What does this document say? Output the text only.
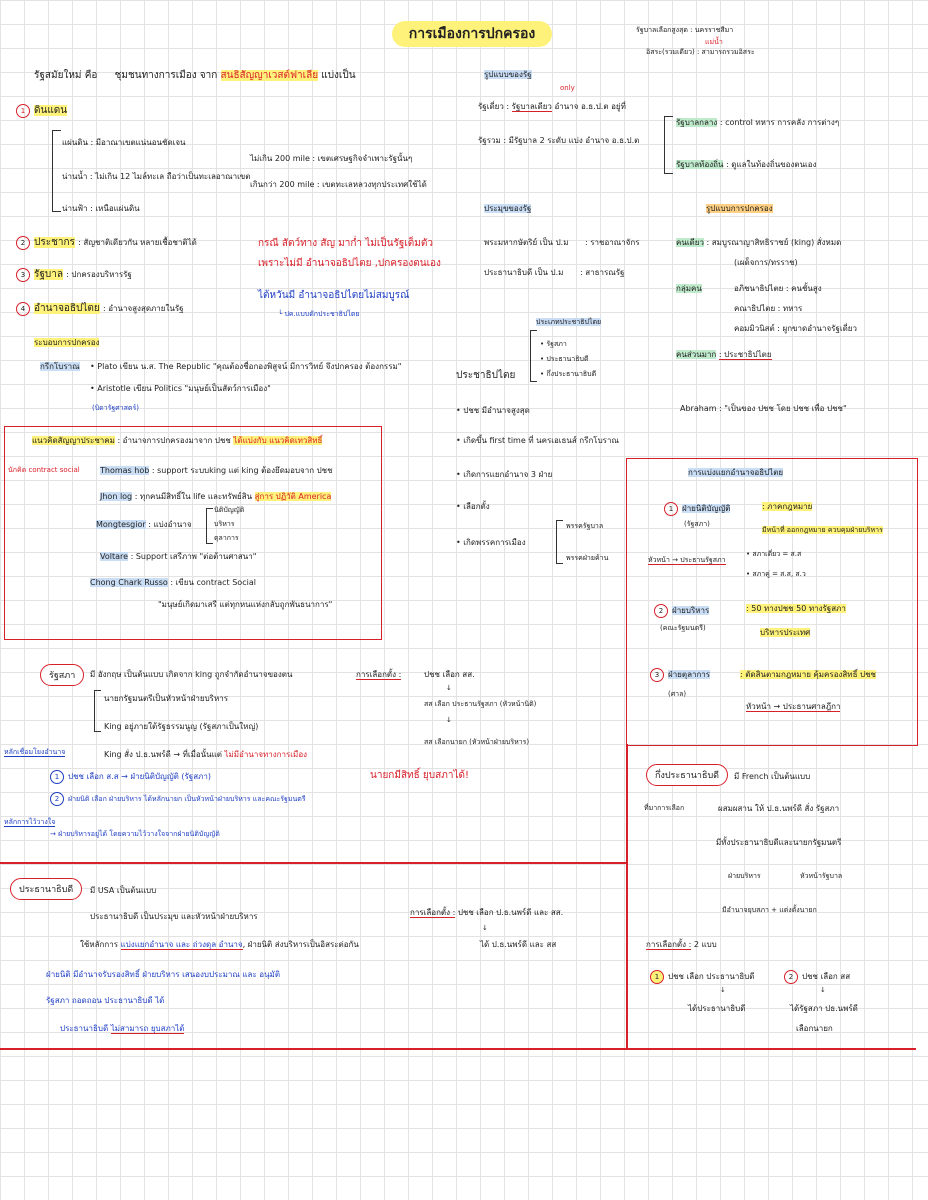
การเมืองการปกครอง	รัฐบาลเลือกสูงสุด : นครราชสีมา
แม่น้ำ
อิสระ(รวมเดียว) : สามารถรวมอิสระ
รัฐสมัยใหม่ คือ ชุมชนทางการเมือง จาก สนธิสัญญาเวสต์ฟาเลีย แบ่งเป็น
1 ดินแดน
แผ่นดิน : มีอาณาเขตแน่นอนชัดเจน
น่านน้ำ : ไม่เกิน 12 ไมล์ทะเล ถือว่าเป็นทะเลอาณาเขต
น่านฟ้า : เหนือแผ่นดิน
ไม่เกิน 200 mile : เขตเศรษฐกิจจำเพาะรัฐนั้นๆ
เกินกว่า 200 mile : เขตทะเลหลวงทุกประเทศใช้ได้
2 ประชากร : สัญชาติเดียวกัน หลายเชื้อชาติได้
3 รัฐบาล : ปกครองบริหารรัฐ
4 อำนาจอธิปไตย : อำนาจสูงสุดภายในรัฐ
กรณี สัตว์ทาง สัญ มาก่ำ ไม่เป็นรัฐเต็มตัว
เพราะไม่มี อำนาจอธิปไตย ,ปกครองตนเอง
ไต้หวันมี อำนาจอธิปไตยไม่สมบูรณ์
└ ปค.แบบดักประชาธิปไตย
ระบอบการปกครอง
กรีกโบราณ • Plato เขียน น.ส. The Republic "คุณต้องชื่อกองพิสูจน์ มีการวิทย์ จึงปกครอง ต้องกรรม"
• Aristotle เขียน Politics "มนุษย์เป็นสัตว์การเมือง"
(บิดารัฐศาสตร์)
แนวคิดสัญญาประชาคม : อำนาจการปกครองมาจาก ปชช ได้แบ่งกับ แนวคิดเทวสิทธิ์
นักคิด contract social	Thomas hob : support ระบบking แต่ king ต้องยึดมอบจาก ปชช
Jhon log : ทุกคนมีสิทธิ์ใน life และทรัพย์สิน สู่การ ปฏิวัติ America
Mongtesgior : แบ่งอำนาจ
นิติบัญญัติ
บริหาร
ตุลาการ
Voltare : Support เสรีภาพ "ต่อต้านศาสนา"
Chong Chark Russo : เขียน contract Social
"มนุษย์เกิดมาเสรี แต่ทุกหนแห่งกลับถูกพันธนาการ"
รูปแบบของรัฐ
only
รัฐเดี่ยว : รัฐบาลเดียว อำนาจ อ.ธ.ป.ต อยู่ที่
รัฐรวม : มีรัฐบาล 2 ระดับ แบ่ง อำนาจ อ.ธ.ป.ต
รัฐบาลกลาง : control ทหาร การคลัง การต่างๆ
รัฐบาลท้องถิ่น : ดูแลในท้องถิ่นของตนเอง
ประมุขของรัฐ
พระมหากษัตริย์ เป็น ป.ม : ราชอาณาจักร
ประธานาธิบดี เป็น ป.ม : สาธารณรัฐ
รูปแบบการปกครอง
คนเดียว : สมบูรณาญาสิทธิราชย์ (king) สั่งหมด
(เผด็จการ/ทรราช)
กลุ่มคน	อภิชนาธิปไตย : คนชั้นสูง
คณาธิปไตย : ทหาร
คอมมิวนิสต์ : ผูกขาดอำนาจรัฐเดี่ยว
คนส่วนมาก : ประชาธิปไตย
ประเภทประชาธิปไตย
• รัฐสภา
• ประธานาธิบดี
• กึ่งประธานาธิบดี
ประชาธิปไตย
• ปชช มีอำนาจสูงสุด
• เกิดขึ้น first time ที่ นครเอเธนส์ กรีกโบราณ
• เกิดการแยกอำนาจ 3 ฝ่าย
• เลือกตั้ง
• เกิดพรรคการเมือง
พรรครัฐบาล
พรรคฝ่ายค้าน
Abraham : "เป็นของ ปชช โดย ปชช เพื่อ ปชช"
การแบ่งแยกอำนาจอธิปไตย
1 ฝ่ายนิติบัญญัติ
(รัฐสภา)
: ภาคกฎหมาย
มีหน้าที่ ออกกฎหมาย ควบคุมฝ่ายบริหาร
หัวหน้า → ประธานรัฐสภา
• สภาเดี่ยว = ส.ส
• สภาคู่ = ส.ส, ส.ว
2 ฝ่ายบริหาร
(คณะรัฐมนตรี)
: 50 ทางปชช 50 ทางรัฐสภา
บริหารประเทศ
3 ฝ่ายตุลาการ
(ศาล)
: ตัดสินตามกฎหมาย คุ้มครองสิทธิ์ ปชช
หัวหน้า → ประธานศาลฎีกา
รัฐสภา	มี อังกฤษ เป็นต้นแบบ เกิดจาก king ถูกจำกัดอำนาจของตน
นายกรัฐมนตรีเป็นหัวหน้าฝ่ายบริหาร
King อยู่ภายใต้รัฐธรรมนูญ (รัฐสภาเป็นใหญ่)
King สั่ง ป.ธ.นพร์ดี → ที่เมื่อนั้นแต่ ไม่มีอำนาจทางการเมือง
หลักเชื่อมโยงอำนาจ
1 ปชช เลือก ส.ส → ฝ่ายนิติบัญญัติ (รัฐสภา)
2 ฝ่ายนิติ เลือก ฝ่ายบริหาร ได้หลักนายก เป็นหัวหน้าฝ่ายบริหาร และคณะรัฐมนตรี
หลักการไว้วางใจ
→ ฝ่ายบริหารอยู่ได้ โดยความไว้วางใจจากฝ่ายนิติบัญญัติ
การเลือกตั้ง :	ปชช เลือก สส.
↓
สส เลือก ประธานรัฐสภา (หัวหน้านิติ)
↓
สส เลือกนายก (หัวหน้าฝ่ายบริหาร)
นายกมีสิทธิ์ ยุบสภาได้!	กึ่งประธานาธิบดี	มี French เป็นต้นแบบ
ที่มาการเลือก	ผสมผสาน ให้ ป.ธ.นพร์ดี สั่ง รัฐสภา
มีทั้งประธานาธิบดีและนายกรัฐมนตรี
ฝ่ายบริหาร	หัวหน้ารัฐบาล
มีอำนาจยุบสภา + แต่งตั้งนายก
การเลือกตั้ง : 2 แบบ
1 ปชช เลือก ประธานาธิบดี
↓
ได้ประธานาธิบดี
2 ปชช เลือก สส
↓
ได้รัฐสภา ปธ.นพร์ดี
เลือกนายก
ประธานาธิบดี	มี USA เป็นต้นแบบ
ประธานาธิบดี เป็นประมุข และหัวหน้าฝ่ายบริหาร
ใช้หลักการ แบ่งแยกอำนาจ และ ถ่วงดุล อำนาจ, ฝ่ายนิติ ส่งบริหารเป็นอิสระต่อกัน
ฝ่ายนิติ มีอำนาจรับรองสิทธิ์ ฝ่ายบริหาร เสนองบประมาณ และ อนุมัติ
รัฐสภา ถอดถอน ประธานาธิบดี ได้
ประธานาธิบดี ไม่สามารถ ยุบสภาได้
การเลือกตั้ง : ปชช เลือก ป.ธ.นพร์ดี และ สส.
↓
ได้ ป.ธ.นพร์ดี และ สส
